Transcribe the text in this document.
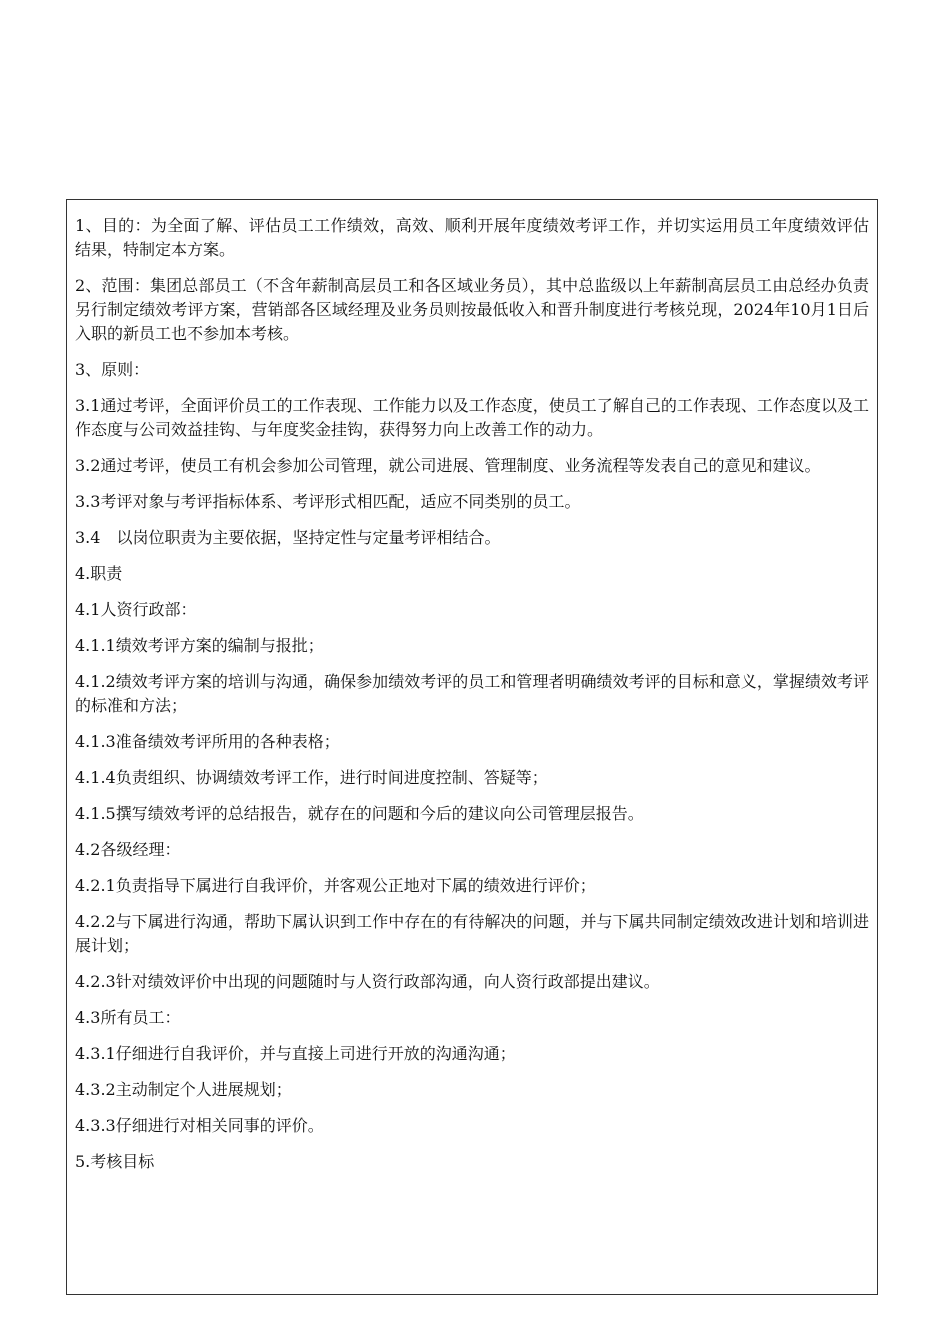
1、目的：为全面了解、评估员工工作绩效，高效、顺利开展年度绩效考评工作，并切实运用员工年度绩效评估结果，特制定本方案。

2、范围：集团总部员工（不含年薪制高层员工和各区域业务员），其中总监级以上年薪制高层员工由总经办负责另行制定绩效考评方案，营销部各区域经理及业务员则按最低收入和晋升制度进行考核兑现，2024年10月1日后入职的新员工也不参加本考核。

3、原则：

3.1通过考评，全面评价员工的工作表现、工作能力以及工作态度，使员工了解自己的工作表现、工作态度以及工作态度与公司效益挂钩、与年度奖金挂钩，获得努力向上改善工作的动力。

3.2通过考评，使员工有机会参加公司管理，就公司进展、管理制度、业务流程等发表自己的意见和建议。

3.3考评对象与考评指标体系、考评形式相匹配，适应不同类别的员工。

3.4　以岗位职责为主要依据，坚持定性与定量考评相结合。

4.职责

4.1人资行政部：

4.1.1绩效考评方案的编制与报批；

4.1.2绩效考评方案的培训与沟通，确保参加绩效考评的员工和管理者明确绩效考评的目标和意义，掌握绩效考评的标准和方法；

4.1.3准备绩效考评所用的各种表格；

4.1.4负责组织、协调绩效考评工作，进行时间进度控制、答疑等；

4.1.5撰写绩效考评的总结报告，就存在的问题和今后的建议向公司管理层报告。

4.2各级经理：

4.2.1负责指导下属进行自我评价，并客观公正地对下属的绩效进行评价；

4.2.2与下属进行沟通，帮助下属认识到工作中存在的有待解决的问题，并与下属共同制定绩效改进计划和培训进展计划；

4.2.3针对绩效评价中出现的问题随时与人资行政部沟通，向人资行政部提出建议。

4.3所有员工：

4.3.1仔细进行自我评价，并与直接上司进行开放的沟通沟通；

4.3.2主动制定个人进展规划；

4.3.3仔细进行对相关同事的评价。

5.考核目标
